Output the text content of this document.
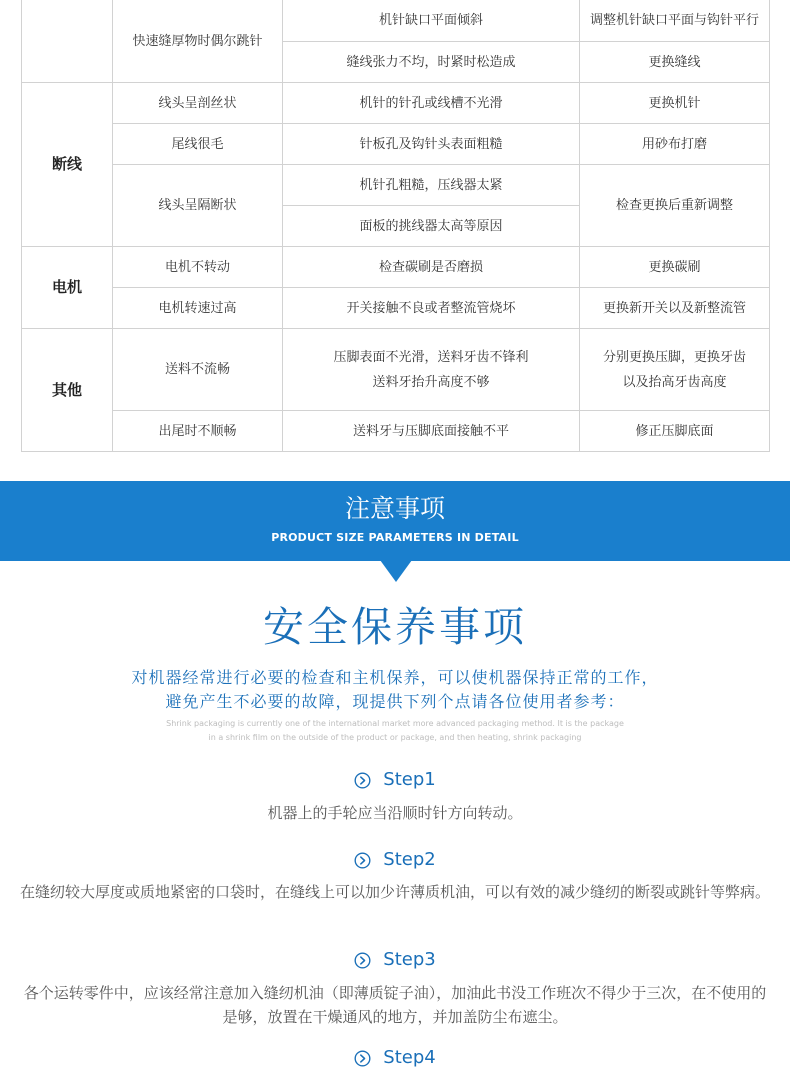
断线
电机
其他
快速缝厚物时偶尔跳针
线头呈剖丝状
尾线很毛
线头呈隔断状
电机不转动
电机转速过高
送料不流畅
出尾时不顺畅
机针缺口平面倾斜
缝线张力不均，时紧时松造成
机针的针孔或线槽不光滑
针板孔及钩针头表面粗糙
机针孔粗糙，压线器太紧
面板的挑线器太高等原因
检查碳刷是否磨损
开关接触不良或者整流管烧坏
压脚表面不光滑，送料牙齿不锋利
送料牙抬升高度不够
送料牙与压脚底面接触不平
调整机针缺口平面与钩针平行
更换缝线
更换机针
用砂布打磨
检查更换后重新调整
更换碳刷
更换新开关以及新整流管
分别更换压脚，更换牙齿
以及抬高牙齿高度
修正压脚底面
注意事项
PRODUCT SIZE PARAMETERS IN DETAIL
安全保养事项
对机器经常进行必要的检查和主机保养，可以使机器保持正常的工作，
避免产生不必要的故障，现提供下列个点请各位使用者参考：
Shrink packaging is currently one of the international market more advanced packaging method. It is the package
in a shrink film on the outside of the product or package, and then heating, shrink packaging
Step1
机器上的手轮应当沿顺时针方向转动。
Step2
在缝纫较大厚度或质地紧密的口袋时，在缝线上可以加少许薄质机油，可以有效的减少缝纫的断裂或跳针等弊病。
Step3
各个运转零件中，应该经常注意加入缝纫机油（即薄质锭子油），加油此书没工作班次不得少于三次，在不使用的是够，放置在干燥通风的地方，并加盖防尘布遮尘。
Step4
